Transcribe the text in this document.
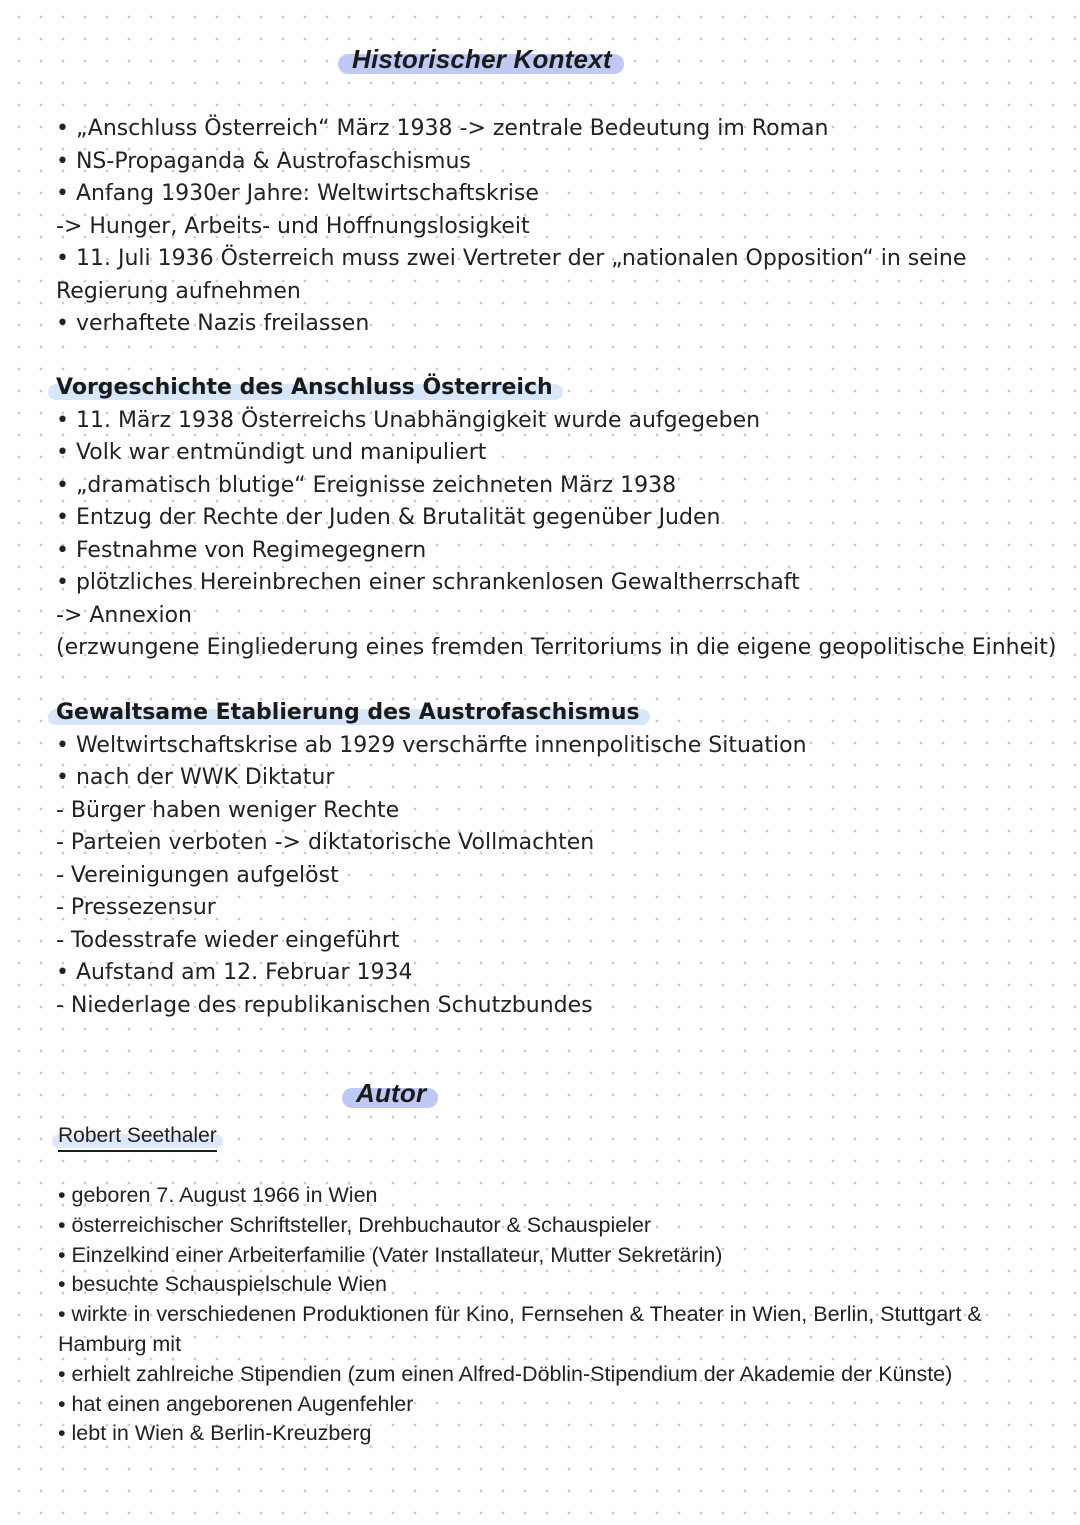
Historischer Kontext
• „Anschluss Österreich“ März 1938 -> zentrale Bedeutung im Roman
• NS-Propaganda & Austrofaschismus
• Anfang 1930er Jahre: Weltwirtschaftskrise
-> Hunger, Arbeits- und Hoffnungslosigkeit
• 11. Juli 1936 Österreich muss zwei Vertreter der „nationalen Opposition“ in seine Regierung aufnehmen
• verhaftete Nazis freilassen
Vorgeschichte des Anschluss Österreich
• 11. März 1938 Österreichs Unabhängigkeit wurde aufgegeben
• Volk war entmündigt und manipuliert
• „dramatisch blutige“ Ereignisse zeichneten März 1938
• Entzug der Rechte der Juden & Brutalität gegenüber Juden
• Festnahme von Regimegegnern
• plötzliches Hereinbrechen einer schrankenlosen Gewaltherrschaft
-> Annexion
(erzwungene Eingliederung eines fremden Territoriums in die eigene geopolitische Einheit)
Gewaltsame Etablierung des Austrofaschismus
• Weltwirtschaftskrise ab 1929 verschärfte innenpolitische Situation
• nach der WWK Diktatur
- Bürger haben weniger Rechte
- Parteien verboten -> diktatorische Vollmachten
- Vereinigungen aufgelöst
- Pressezensur
- Todesstrafe wieder eingeführt
• Aufstand am 12. Februar 1934
- Niederlage des republikanischen Schutzbundes
Autor
Robert Seethaler
• geboren 7. August 1966 in Wien
• österreichischer Schriftsteller, Drehbuchautor & Schauspieler
• Einzelkind einer Arbeiterfamilie (Vater Installateur, Mutter Sekretärin)
• besuchte Schauspielschule Wien
• wirkte in verschiedenen Produktionen für Kino, Fernsehen & Theater in Wien, Berlin, Stuttgart & Hamburg mit
• erhielt zahlreiche Stipendien (zum einen Alfred-Döblin-Stipendium der Akademie der Künste)
• hat einen angeborenen Augenfehler
• lebt in Wien & Berlin-Kreuzberg
